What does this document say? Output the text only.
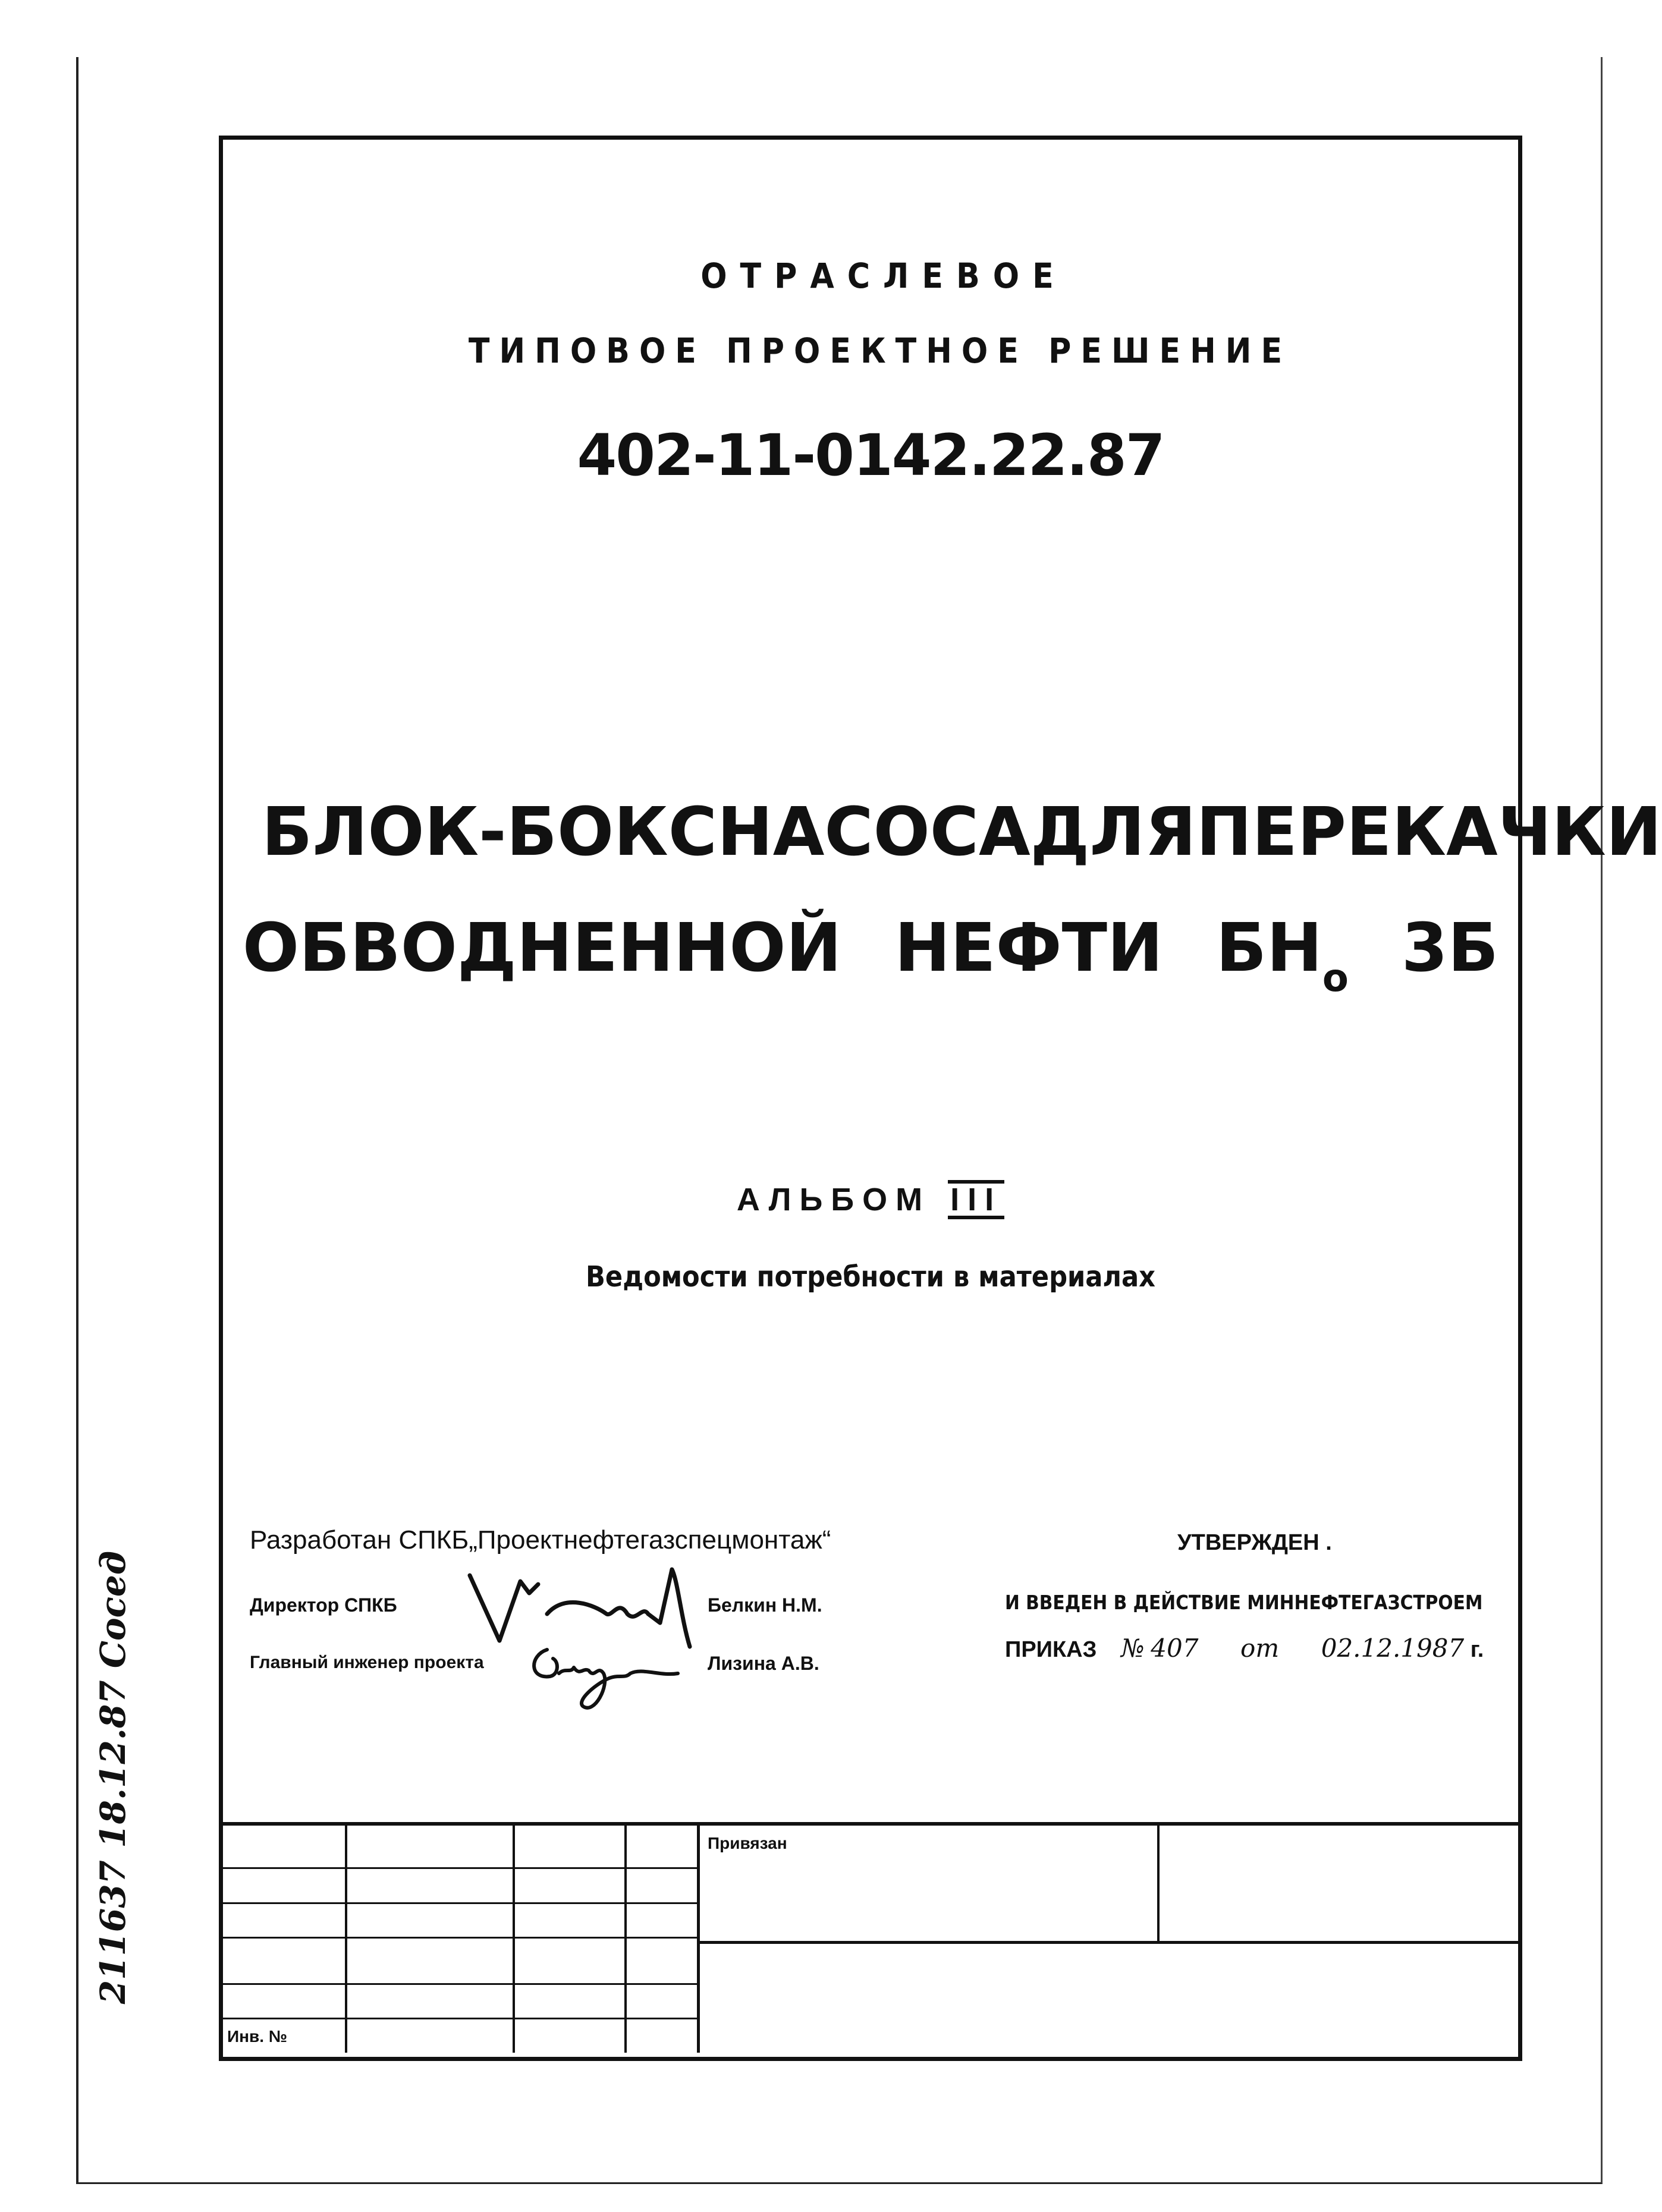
ОТРАСЛЕВОЕ
ТИПОВОЕ ПРОЕКТНОЕ РЕШЕНИЕ
402-11-0142.22.87
БЛОК-БОКС НАСОСА ДЛЯ ПЕРЕКАЧКИ
ОБВОДНЕННОЙ НЕФТИ $БН_о$ 3Б
АЛЬБОМ III
Ведомости потребности в материалах
Разработан СПКБ„Проектнефтегазспецмонтаж“
Директор СПКБ	Белкин Н.М.
Главный инженер проекта	Лизина А.В.
УТВЕРЖДЕН .
И ВВЕДЕН В ДЕЙСТВИЕ МИННЕФТЕГАЗСТРОЕМ
ПРИКАЗ № 407 от 02.12.1987 г.
211637 18.12.87 Сосед	Привязан
Инв. №
